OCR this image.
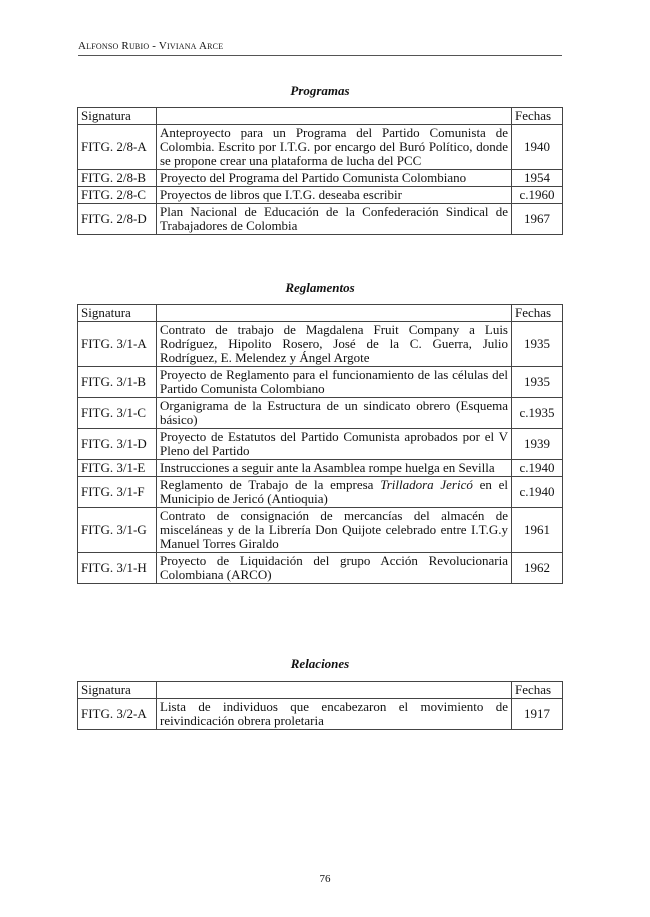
Alfonso Rubio - Viviana Arce
Programas
Signatura		Fechas
FITG. 2/8-A	Anteproyecto para un Programa del Partido Comunista de Colombia. Escrito por I.T.G. por encargo del Buró Político, donde se propone crear una plataforma de lucha del PCC	1940
FITG. 2/8-B	Proyecto del Programa del Partido Comunista Colombiano	1954
FITG. 2/8-C	Proyectos de libros que I.T.G. deseaba escribir	c.1960
FITG. 2/8-D	Plan Nacional de Educación de la Confederación Sindical de Trabajadores de Colombia	1967
Reglamentos
Signatura		Fechas
FITG. 3/1-A	Contrato de trabajo de Magdalena Fruit Company a Luis Rodríguez, Hipolito Rosero, José de la C. Guerra, Julio Rodríguez, E. Melendez y Ángel Argote	1935
FITG. 3/1-B	Proyecto de Reglamento para el funcionamiento de las células del Partido Comunista Colombiano	1935
FITG. 3/1-C	Organigrama de la Estructura de un sindicato obrero (Esquema básico)	c.1935
FITG. 3/1-D	Proyecto de Estatutos del Partido Comunista aprobados por el V Pleno del Partido	1939
FITG. 3/1-E	Instrucciones a seguir ante la Asamblea rompe huelga en Sevilla	c.1940
FITG. 3/1-F	Reglamento de Trabajo de la empresa Trilladora Jericó en el Municipio de Jericó (Antioquia)	c.1940
FITG. 3/1-G	Contrato de consignación de mercancías del almacén de misceláneas y de la Librería Don Quijote celebrado entre I.T.G.y Manuel Torres Giraldo	1961
FITG. 3/1-H	Proyecto de Liquidación del grupo Acción Revolucionaria Colombiana (ARCO)	1962
Relaciones
Signatura		Fechas
FITG. 3/2-A	Lista de individuos que encabezaron el movimiento de reivindicación obrera proletaria	1917
76
